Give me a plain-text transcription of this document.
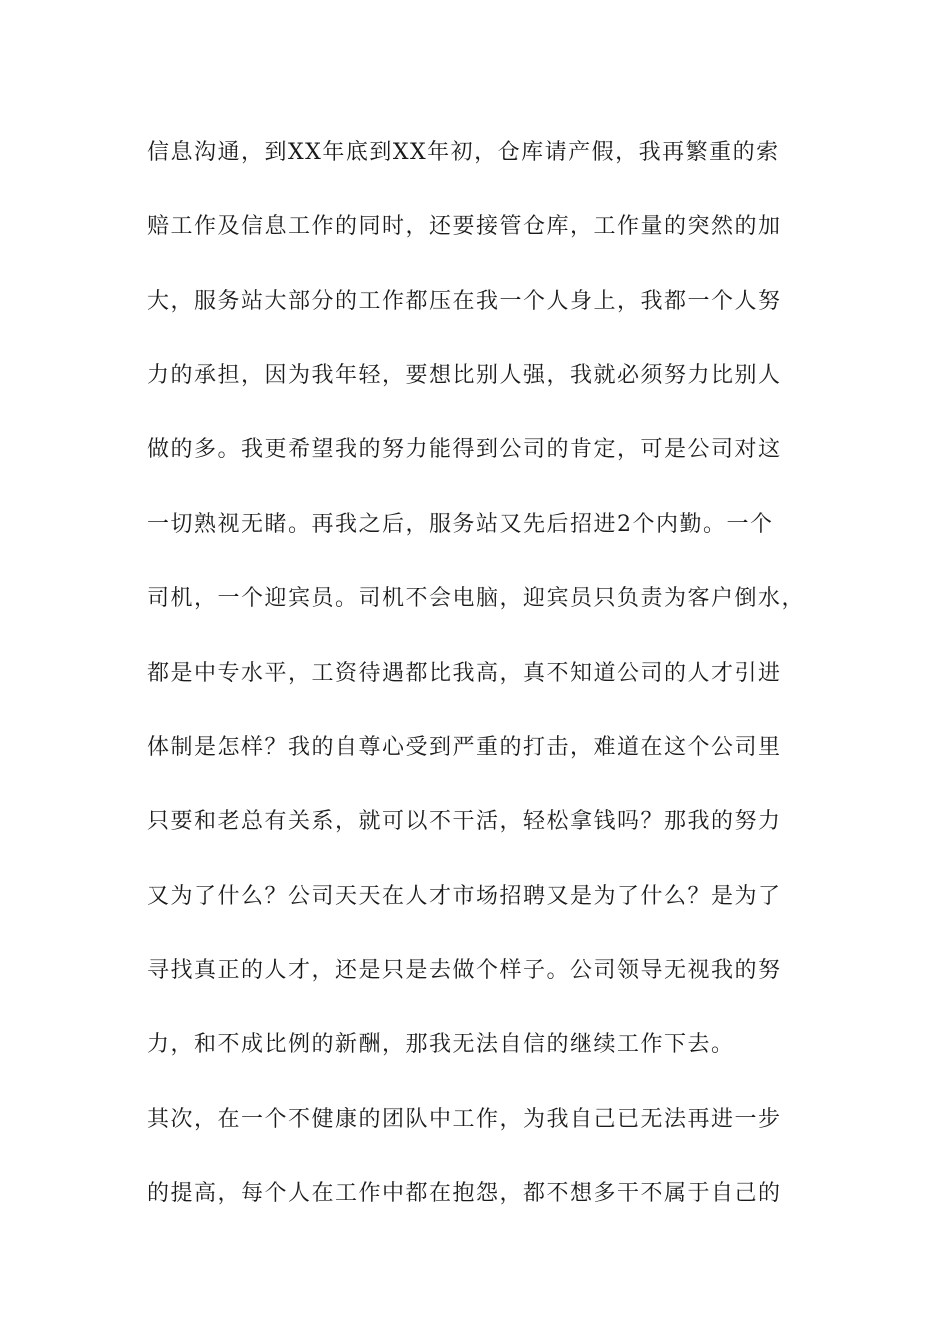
信息沟通，到XX年底到XX年初，仓库请产假，我再繁重的索
赔工作及信息工作的同时，还要接管仓库，工作量的突然的加
大，服务站大部分的工作都压在我一个人身上，我都一个人努
力的承担，因为我年轻，要想比别人强，我就必须努力比别人
做的多。我更希望我的努力能得到公司的肯定，可是公司对这
一切熟视无睹。再我之后，服务站又先后招进2个内勤。一个
司机，一个迎宾员。司机不会电脑，迎宾员只负责为客户倒水，
都是中专水平，工资待遇都比我高，真不知道公司的人才引进
体制是怎样？我的自尊心受到严重的打击，难道在这个公司里
只要和老总有关系，就可以不干活，轻松拿钱吗？那我的努力
又为了什么？公司天天在人才市场招聘又是为了什么？是为了
寻找真正的人才，还是只是去做个样子。公司领导无视我的努
力，和不成比例的新酬，那我无法自信的继续工作下去。
其次，在一个不健康的团队中工作，为我自己已无法再进一步
的提高，每个人在工作中都在抱怨，都不想多干不属于自己的
